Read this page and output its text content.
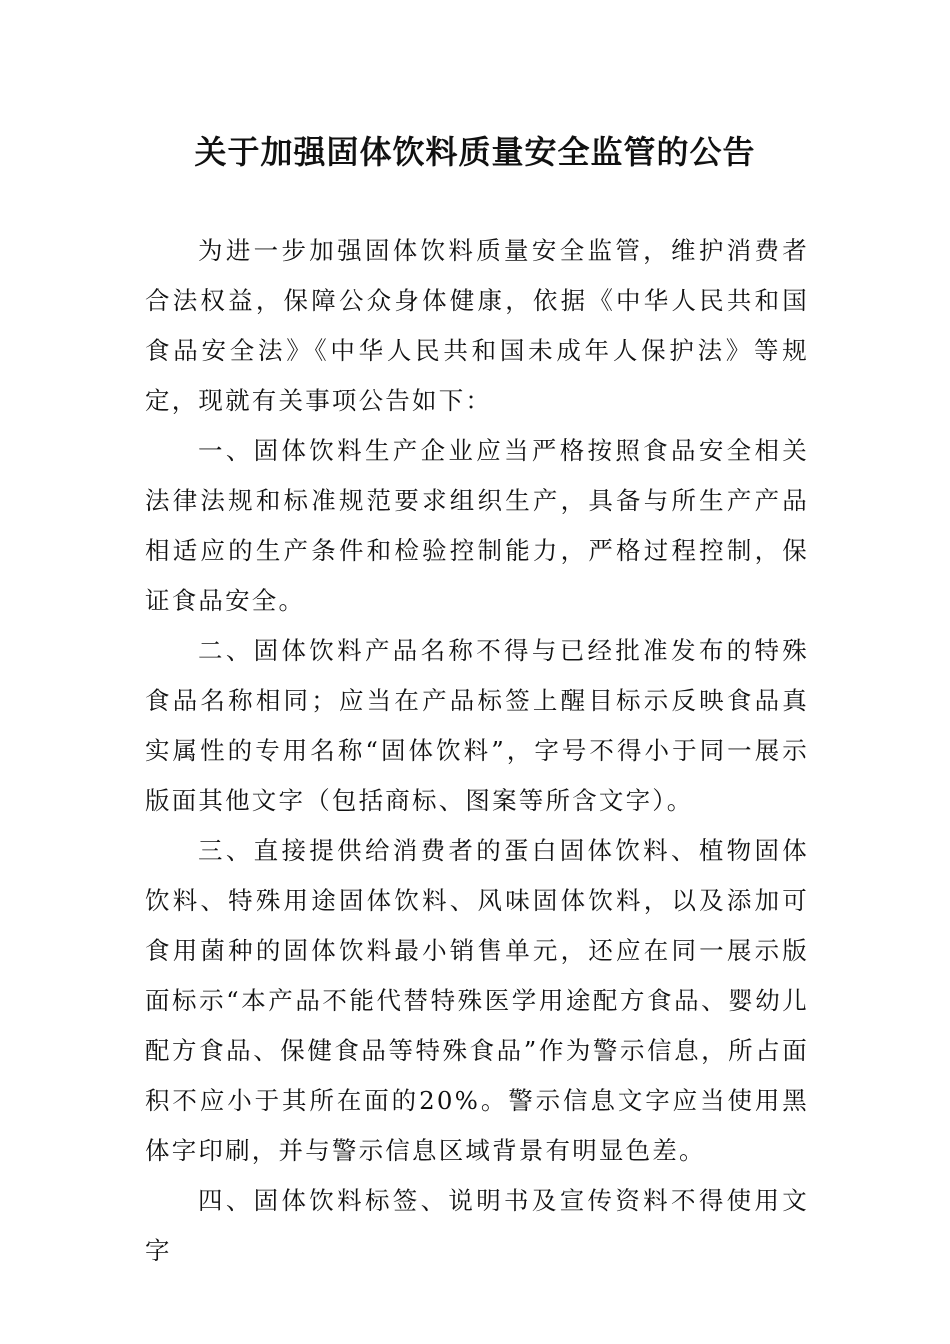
关于加强固体饮料质量安全监管的公告

为进一步加强固体饮料质量安全监管，维护消费者合法权益，保障公众身体健康，依据《中华人民共和国食品安全法》《中华人民共和国未成年人保护法》等规定，现就有关事项公告如下：

一、固体饮料生产企业应当严格按照食品安全相关法律法规和标准规范要求组织生产，具备与所生产产品相适应的生产条件和检验控制能力，严格过程控制，保证食品安全。

二、固体饮料产品名称不得与已经批准发布的特殊食品名称相同；应当在产品标签上醒目标示反映食品真实属性的专用名称“固体饮料”，字号不得小于同一展示版面其他文字（包括商标、图案等所含文字）。

三、直接提供给消费者的蛋白固体饮料、植物固体饮料、特殊用途固体饮料、风味固体饮料，以及添加可食用菌种的固体饮料最小销售单元，还应在同一展示版面标示“本产品不能代替特殊医学用途配方食品、婴幼儿配方食品、保健食品等特殊食品”作为警示信息，所占面积不应小于其所在面的20%。警示信息文字应当使用黑体字印刷，并与警示信息区域背景有明显色差。

四、固体饮料标签、说明书及宣传资料不得使用文字
